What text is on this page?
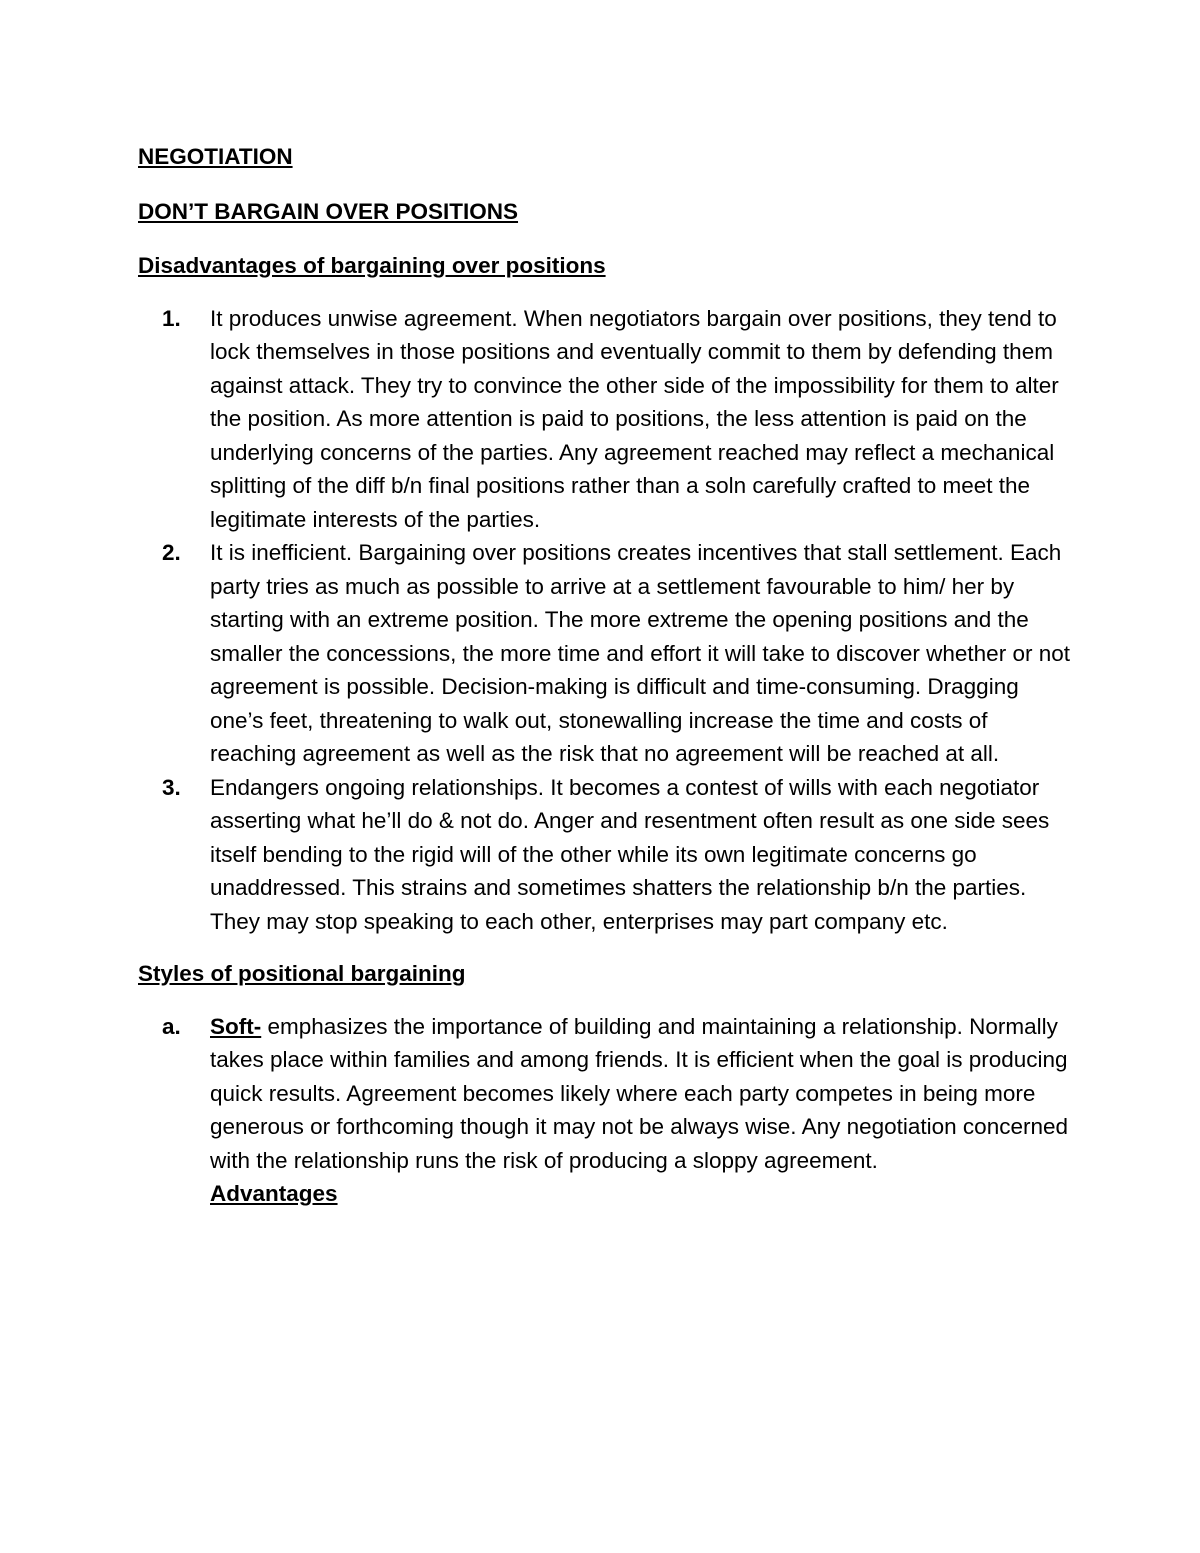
NEGOTIATION

DON’T BARGAIN OVER POSITIONS

Disadvantages of bargaining over positions

1. It produces unwise agreement. When negotiators bargain over positions, they tend to lock themselves in those positions and eventually commit to them by defending them against attack. They try to convince the other side of the impossibility for them to alter the position. As more attention is paid to positions, the less attention is paid on the underlying concerns of the parties. Any agreement reached may reflect a mechanical splitting of the diff b/n final positions rather than a soln carefully crafted to meet the legitimate interests of the parties.
2. It is inefficient. Bargaining over positions creates incentives that stall settlement. Each party tries as much as possible to arrive at a settlement favourable to him/ her by starting with an extreme position. The more extreme the opening positions and the smaller the concessions, the more time and effort it will take to discover whether or not agreement is possible. Decision-making is difficult and time-consuming. Dragging one’s feet, threatening to walk out, stonewalling increase the time and costs of reaching agreement as well as the risk that no agreement will be reached at all.
3. Endangers ongoing relationships. It becomes a contest of wills with each negotiator asserting what he’ll do & not do. Anger and resentment often result as one side sees itself bending to the rigid will of the other while its own legitimate concerns go unaddressed. This strains and sometimes shatters the relationship b/n the parties. They may stop speaking to each other, enterprises may part company etc.

Styles of positional bargaining

a. Soft- emphasizes the importance of building and maintaining a relationship. Normally takes place within families and among friends. It is efficient when the goal is producing quick results. Agreement becomes likely where each party competes in being more generous or forthcoming though it may not be always wise. Any negotiation concerned with the relationship runs the risk of producing a sloppy agreement.
Advantages
